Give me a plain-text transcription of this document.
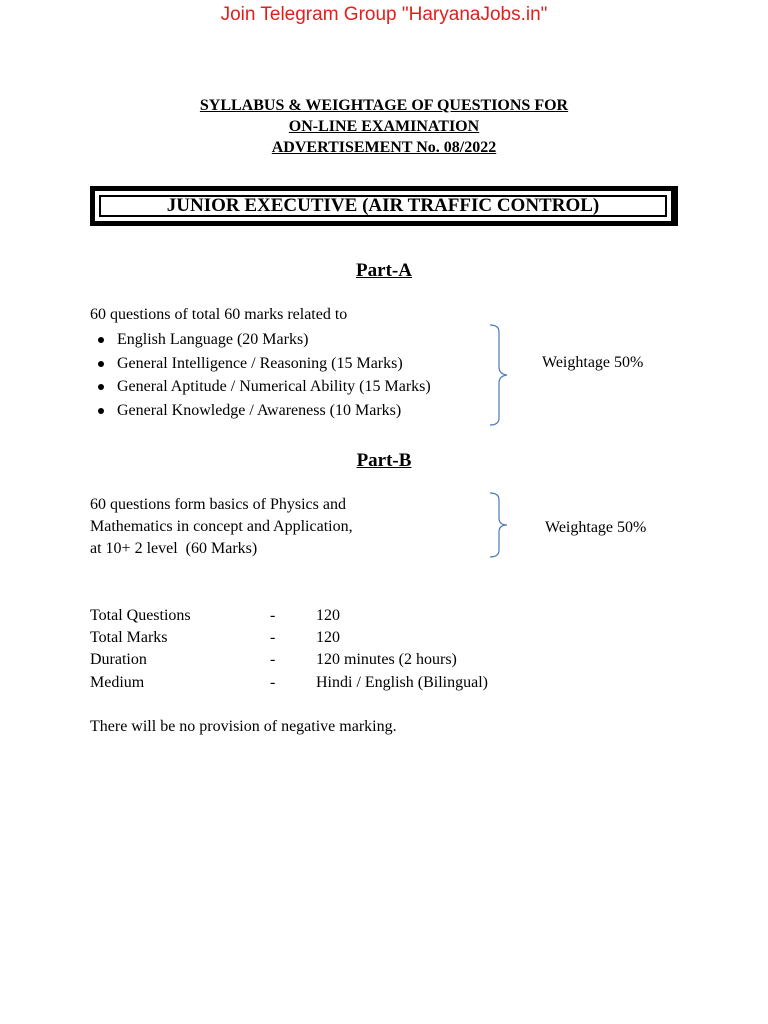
Join Telegram Group "HaryanaJobs.in"
SYLLABUS & WEIGHTAGE OF QUESTIONS FOR
ON-LINE EXAMINATION
ADVERTISEMENT No. 08/2022
JUNIOR EXECUTIVE (AIR TRAFFIC CONTROL)
Part-A
60 questions of total 60 marks related to
English Language (20 Marks)
General Intelligence / Reasoning (15 Marks)
General Aptitude / Numerical Ability (15 Marks)
General Knowledge / Awareness (10 Marks)
Weightage 50%
Part-B
60 questions form basics of Physics and
Mathematics in concept and Application,
at 10+ 2 level  (60 Marks)
Weightage 50%
Total Questions	-	120
Total Marks	-	120
Duration	-	120 minutes (2 hours)
Medium	-	Hindi / English (Bilingual)
There will be no provision of negative marking.
